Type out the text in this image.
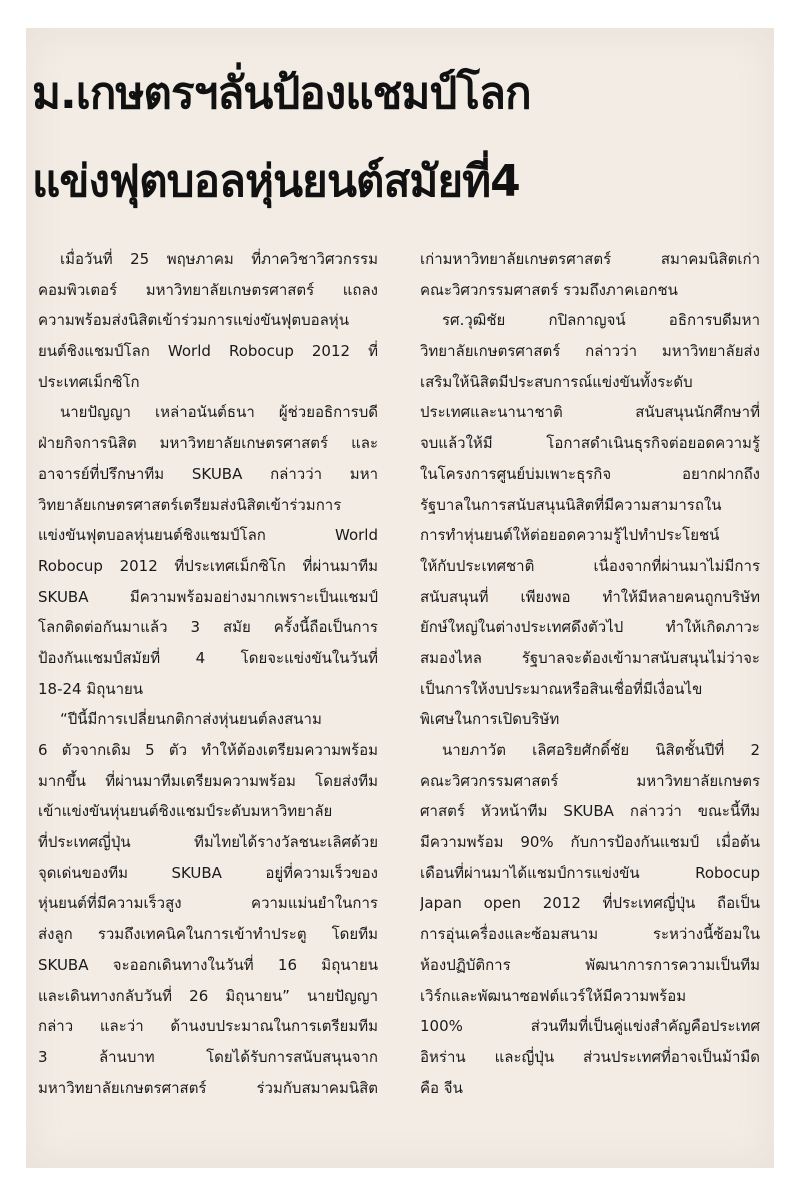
ม.เกษตรฯลั่นป้องแชมป์โลก
แข่งฟุตบอลหุ่นยนต์สมัยที่4
เมื่อวันที่ 25 พฤษภาคม ที่ภาควิชาวิศวกรรม
คอมพิวเตอร์ มหาวิทยาลัยเกษตรศาสตร์ แถลง
ความพร้อมส่งนิสิตเข้าร่วมการแข่งขันฟุตบอลหุ่น
ยนต์ชิงแชมป์โลก World Robocup 2012 ที่
ประเทศเม็กซิโก
นายปัญญา เหล่าอนันต์ธนา ผู้ช่วยอธิการบดี
ฝ่ายกิจการนิสิต มหาวิทยาลัยเกษตรศาสตร์ และ
อาจารย์ที่ปรึกษาทีม SKUBA กล่าวว่า มหา
วิทยาลัยเกษตรศาสตร์เตรียมส่งนิสิตเข้าร่วมการ
แข่งขันฟุตบอลหุ่นยนต์ชิงแชมป์โลก World
Robocup 2012 ที่ประเทศเม็กซิโก ที่ผ่านมาทีม
SKUBA มีความพร้อมอย่างมากเพราะเป็นแชมป์
โลกติดต่อกันมาแล้ว 3 สมัย ครั้งนี้ถือเป็นการ
ป้องกันแชมป์สมัยที่ 4 โดยจะแข่งขันในวันที่
18-24 มิถุนายน
“ปีนี้มีการเปลี่ยนกติกาส่งหุ่นยนต์ลงสนาม
6 ตัวจากเดิม 5 ตัว ทำให้ต้องเตรียมความพร้อม
มากขึ้น ที่ผ่านมาทีมเตรียมความพร้อม โดยส่งทีม
เข้าแข่งขันหุ่นยนต์ชิงแชมป์ระดับมหาวิทยาลัย
ที่ประเทศญี่ปุ่น ทีมไทยได้รางวัลชนะเลิศด้วย
จุดเด่นของทีม SKUBA อยู่ที่ความเร็วของ
หุ่นยนต์ที่มีความเร็วสูง ความแม่นยำในการ
ส่งลูก รวมถึงเทคนิคในการเข้าทำประตู โดยทีม
SKUBA จะออกเดินทางในวันที่ 16 มิถุนายน
และเดินทางกลับวันที่ 26 มิถุนายน” นายปัญญา
กล่าว และว่า ด้านงบประมาณในการเตรียมทีม
3 ล้านบาท โดยได้รับการสนับสนุนจาก
มหาวิทยาลัยเกษตรศาสตร์ ร่วมกับสมาคมนิสิต
เก่ามหาวิทยาลัยเกษตรศาสตร์ สมาคมนิสิตเก่า
คณะวิศวกรรมศาสตร์ รวมถึงภาคเอกชน
รศ.วุฒิชัย กปิลกาญจน์ อธิการบดีมหา
วิทยาลัยเกษตรศาสตร์ กล่าวว่า มหาวิทยาลัยส่ง
เสริมให้นิสิตมีประสบการณ์แข่งขันทั้งระดับ
ประเทศและนานาชาติ สนับสนุนนักศึกษาที่
จบแล้วให้มี โอกาสดำเนินธุรกิจต่อยอดความรู้
ในโครงการศูนย์บ่มเพาะธุรกิจ อยากฝากถึง
รัฐบาลในการสนับสนุนนิสิตที่มีความสามารถใน
การทำหุ่นยนต์ให้ต่อยอดความรู้ไปทำประโยชน์
ให้กับประเทศชาติ เนื่องจากที่ผ่านมาไม่มีการ
สนับสนุนที่ เพียงพอ ทำให้มีหลายคนถูกบริษัท
ยักษ์ใหญ่ในต่างประเทศดึงตัวไป ทำให้เกิดภาวะ
สมองไหล รัฐบาลจะต้องเข้ามาสนับสนุนไม่ว่าจะ
เป็นการให้งบประมาณหรือสินเชื่อที่มีเงื่อนไข
พิเศษในการเปิดบริษัท
นายภาวัต เลิศอริยศักดิ์ชัย นิสิตชั้นปีที่ 2
คณะวิศวกรรมศาสตร์ มหาวิทยาลัยเกษตร
ศาสตร์ หัวหน้าทีม SKUBA กล่าวว่า ขณะนี้ทีม
มีความพร้อม 90% กับการป้องกันแชมป์ เมื่อต้น
เดือนที่ผ่านมาได้แชมป์การแข่งขัน Robocup
Japan open 2012 ที่ประเทศญี่ปุ่น ถือเป็น
การอุ่นเครื่องและซ้อมสนาม ระหว่างนี้ซ้อมใน
ห้องปฏิบัติการ พัฒนาการการความเป็นทีม
เวิร์กและพัฒนาซอฟต์แวร์ให้มีความพร้อม
100% ส่วนทีมที่เป็นคู่แข่งสำคัญคือประเทศ
อิหร่าน และญี่ปุ่น ส่วนประเทศที่อาจเป็นม้ามืด
คือ จีน
